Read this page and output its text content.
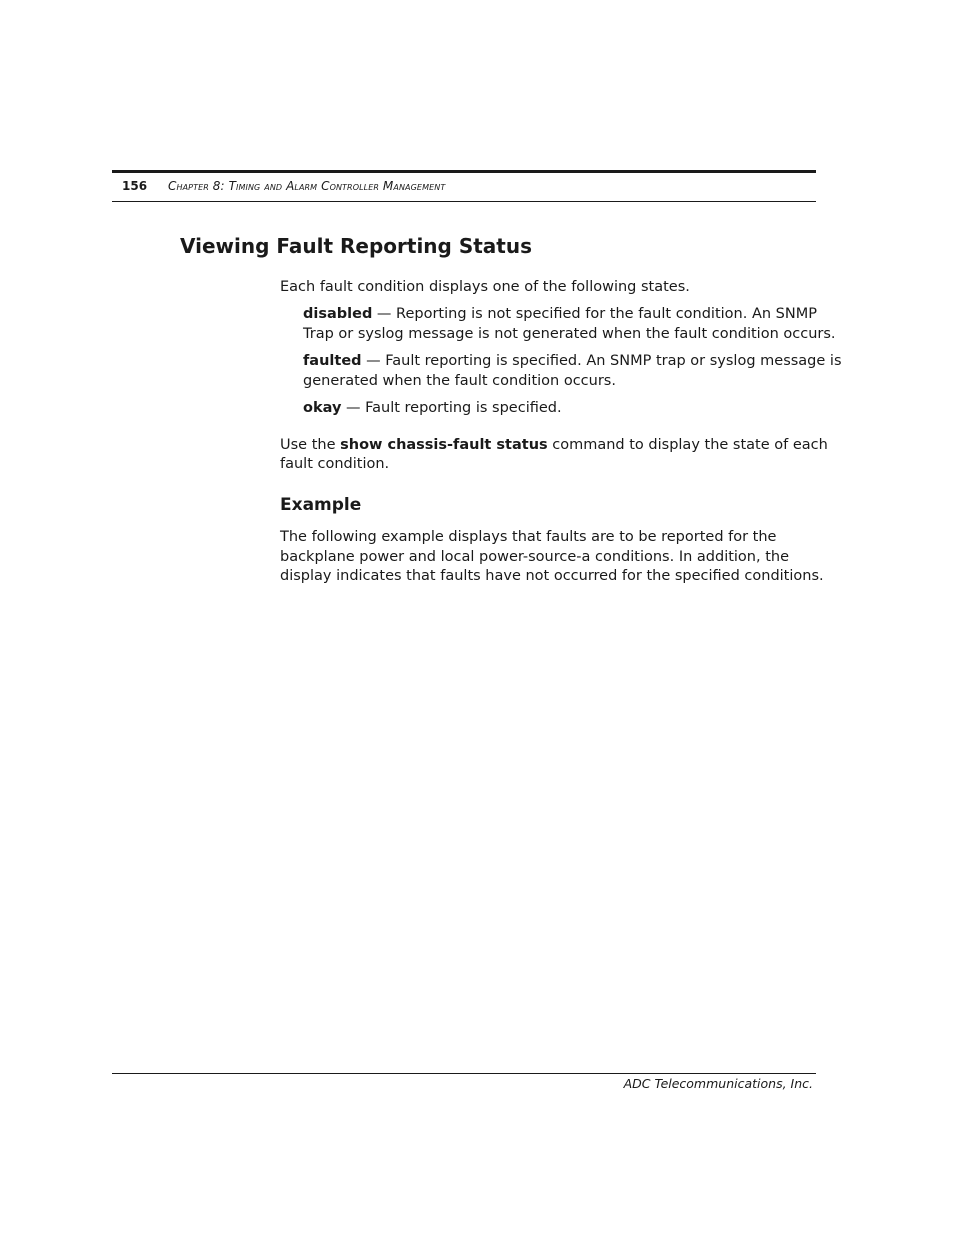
156 Chapter 8: Timing and Alarm Controller Management
Viewing Fault Reporting Status

Each fault condition displays one of the following states.

disabled — Reporting is not specified for the fault condition. An SNMP

Trap or syslog message is not generated when the fault condition occurs.

faulted — Fault reporting is specified. An SNMP trap or syslog message is

generated when the fault condition occurs.

okay — Fault reporting is specified.

Use the show chassis-fault status command to display the state of each

fault condition.

Example

The following example displays that faults are to be reported for the

backplane power and local power-source-a conditions. In addition, the

display indicates that faults have not occurred for the specified conditions.

ADC Telecommunications, Inc.
